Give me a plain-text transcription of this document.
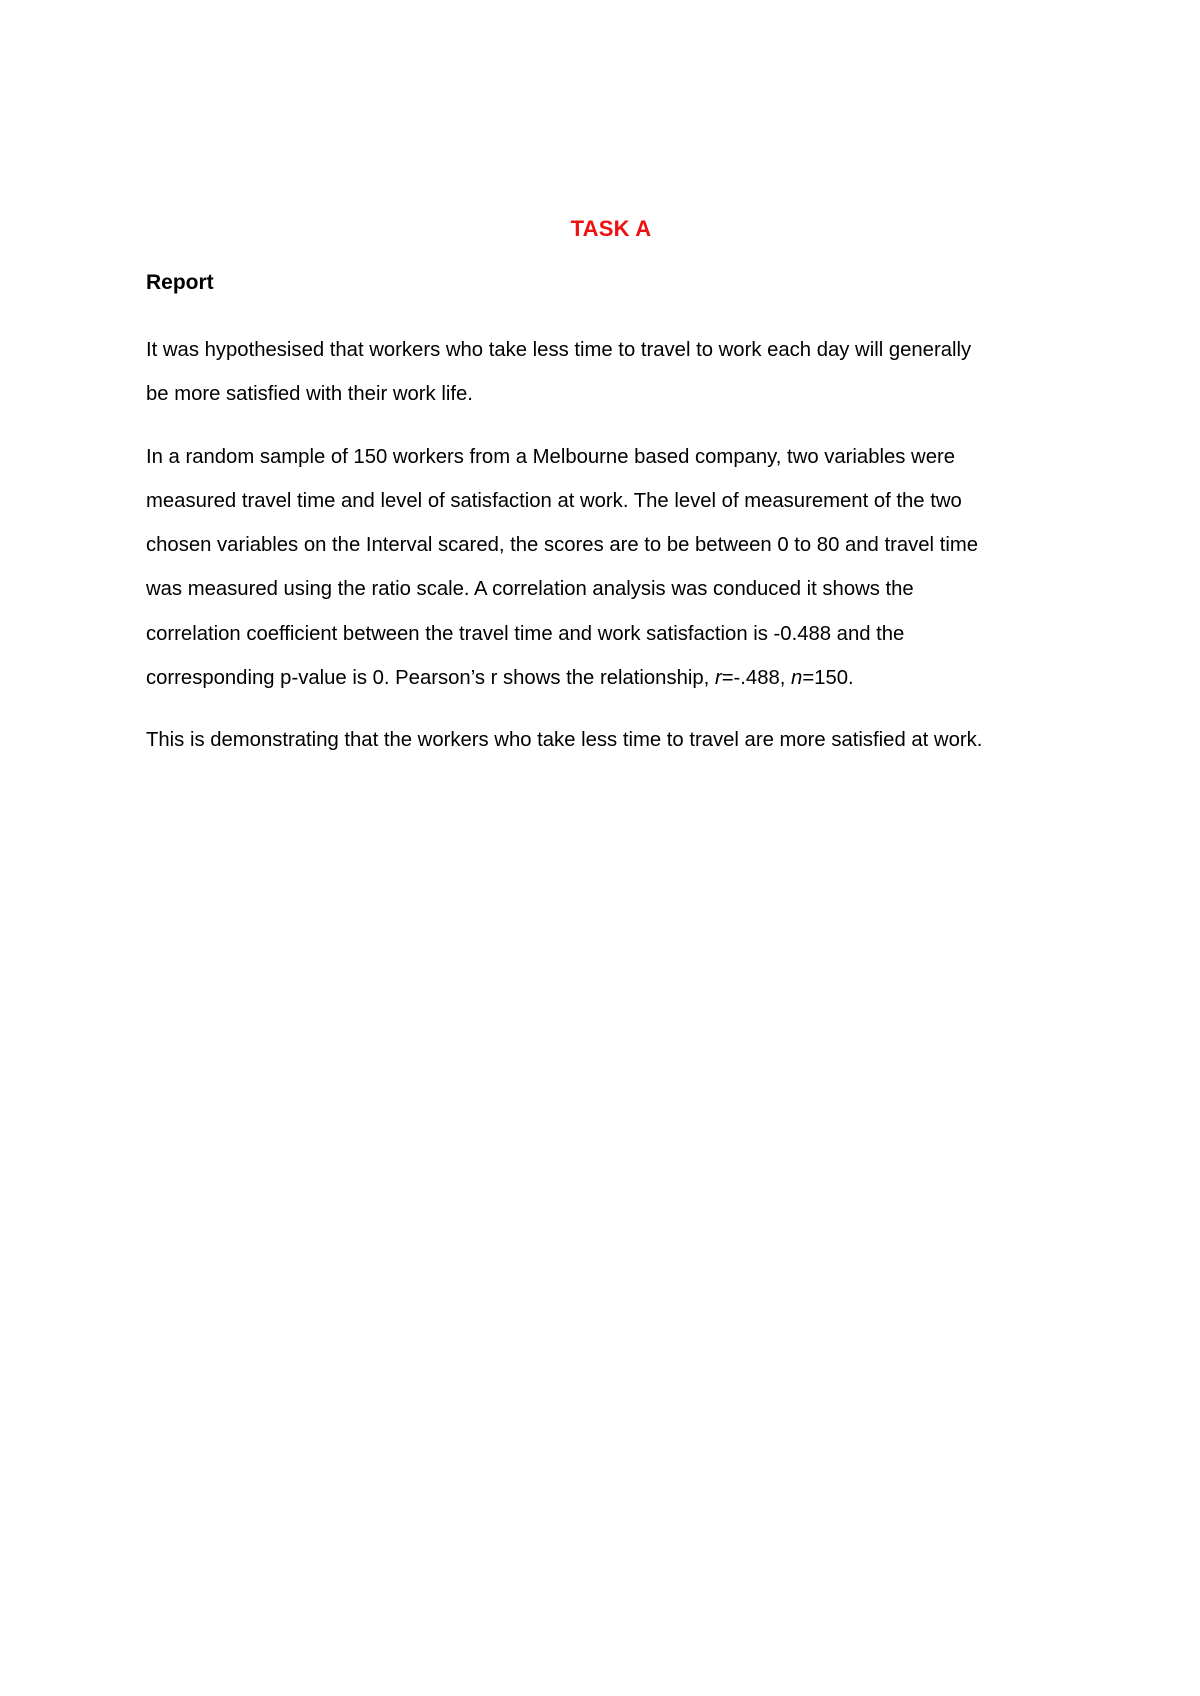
TASK A
Report

It was hypothesised that workers who take less time to travel to work each day will generally
be more satisfied with their work life.

In a random sample of 150 workers from a Melbourne based company, two variables were
measured travel time and level of satisfaction at work. The level of measurement of the two
chosen variables on the Interval scared, the scores are to be between 0 to 80 and travel time
was measured using the ratio scale. A correlation analysis was conduced it shows the
correlation coefficient between the travel time and work satisfaction is -0.488 and the
corresponding p-value is 0. Pearson’s r shows the relationship, r=-.488, n=150.

This is demonstrating that the workers who take less time to travel are more satisfied at work.
